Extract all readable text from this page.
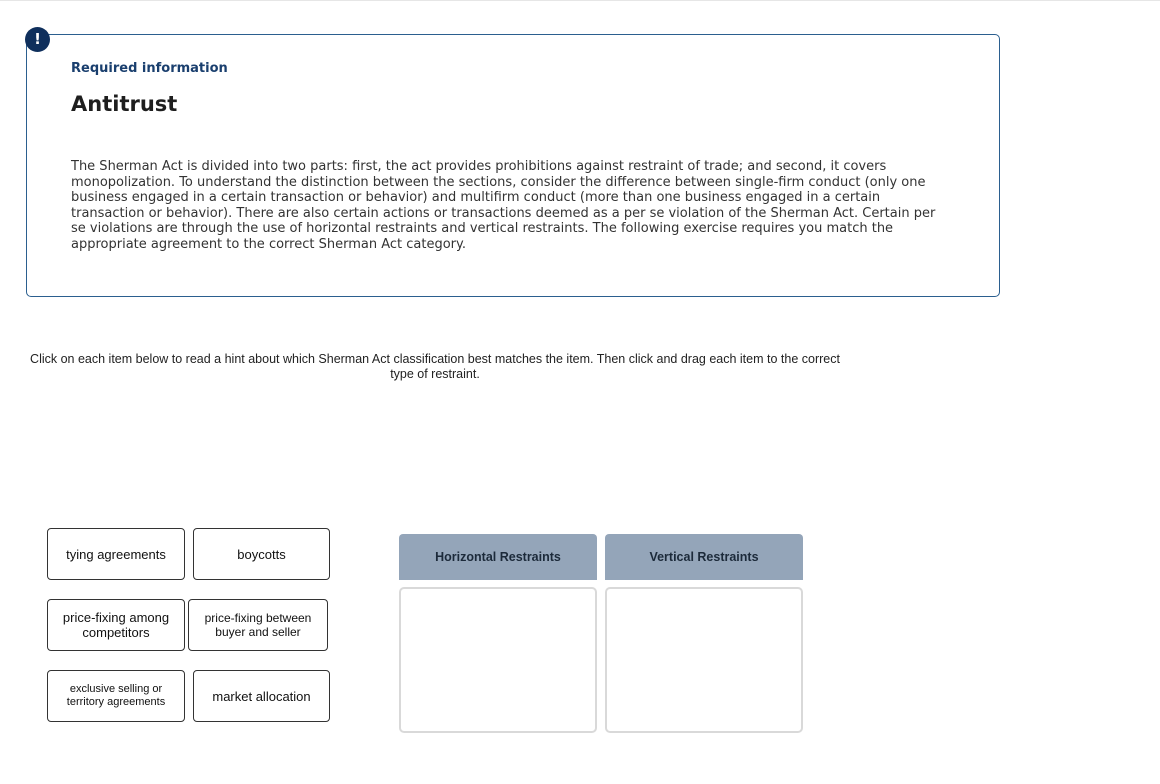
!
Required information
Antitrust
The Sherman Act is divided into two parts: first, the act provides prohibitions against restraint of trade; and second, it covers monopolization. To understand the distinction between the sections, consider the difference between single-firm conduct (only one business engaged in a certain transaction or behavior) and multifirm conduct (more than one business engaged in a certain transaction or behavior). There are also certain actions or transactions deemed as a per se violation of the Sherman Act. Certain per se violations are through the use of horizontal restraints and vertical restraints. The following exercise requires you match the appropriate agreement to the correct Sherman Act category.
Click on each item below to read a hint about which Sherman Act classification best matches the item. Then click and drag each item to the correct type of restraint.
tying agreements	boycotts
price-fixing among competitors
price-fixing between buyer and seller
exclusive selling or territory agreements	market allocation
Horizontal Restraints	Vertical Restraints
